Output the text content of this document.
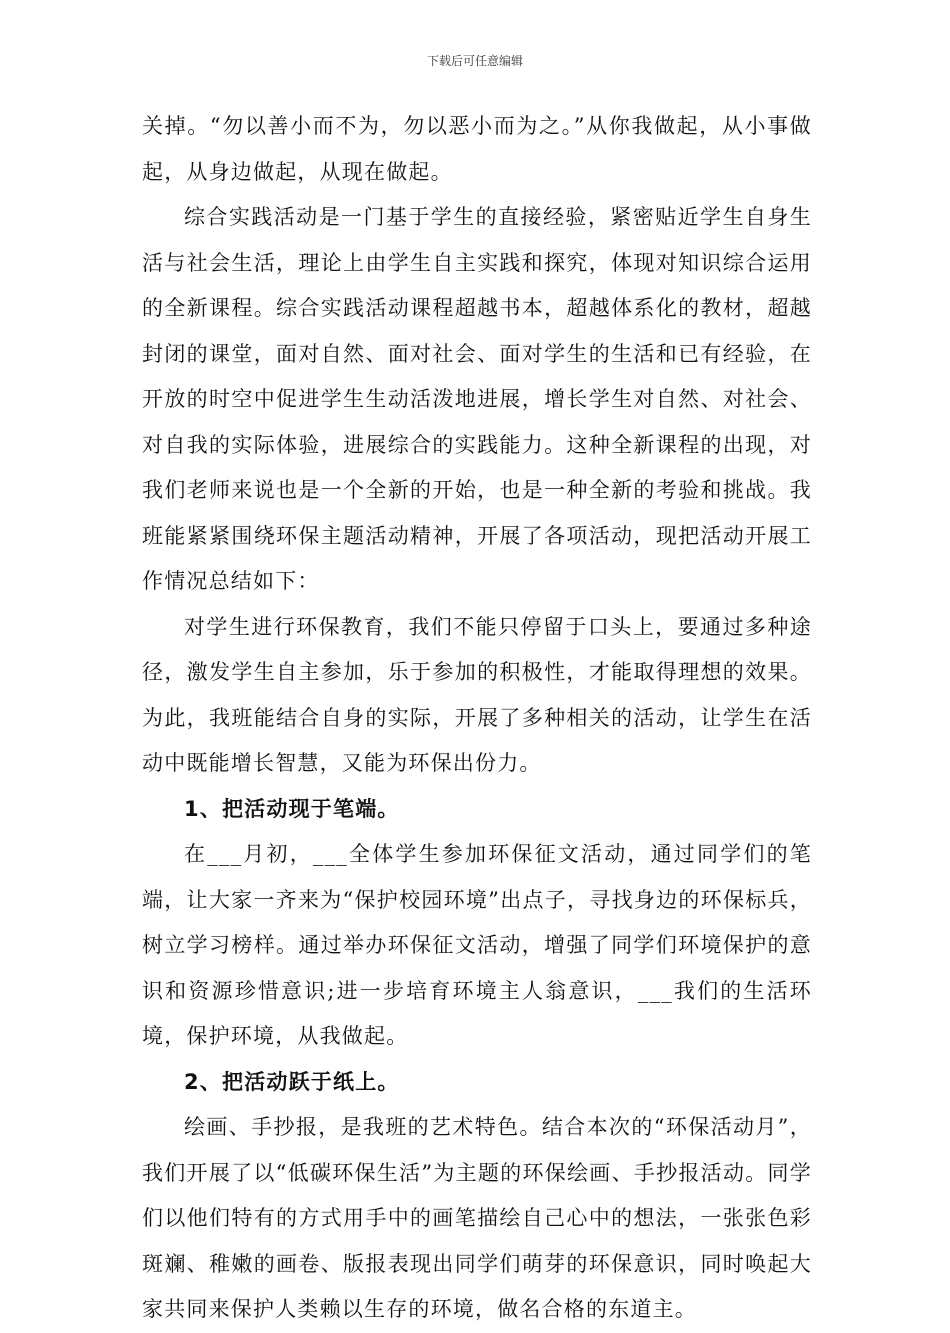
下载后可任意编辑

关掉。“勿以善小而不为，勿以恶小而为之。”从你我做起，从小事做起，从身边做起，从现在做起。

综合实践活动是一门基于学生的直接经验，紧密贴近学生自身生活与社会生活，理论上由学生自主实践和探究，体现对知识综合运用的全新课程。综合实践活动课程超越书本，超越体系化的教材，超越封闭的课堂，面对自然、面对社会、面对学生的生活和已有经验，在开放的时空中促进学生生动活泼地进展，增长学生对自然、对社会、对自我的实际体验，进展综合的实践能力。这种全新课程的出现，对我们老师来说也是一个全新的开始，也是一种全新的考验和挑战。我班能紧紧围绕环保主题活动精神，开展了各项活动，现把活动开展工作情况总结如下：

对学生进行环保教育，我们不能只停留于口头上，要通过多种途径，激发学生自主参加，乐于参加的积极性，才能取得理想的效果。为此，我班能结合自身的实际，开展了多种相关的活动，让学生在活动中既能增长智慧，又能为环保出份力。

1、把活动现于笔端。

在___月初，___全体学生参加环保征文活动，通过同学们的笔端，让大家一齐来为“保护校园环境”出点子，寻找身边的环保标兵，树立学习榜样。通过举办环保征文活动，增强了同学们环境保护的意识和资源珍惜意识;进一步培育环境主人翁意识，___我们的生活环境，保护环境，从我做起。

2、把活动跃于纸上。

绘画、手抄报，是我班的艺术特色。结合本次的“环保活动月”，我们开展了以“低碳环保生活”为主题的环保绘画、手抄报活动。同学们以他们特有的方式用手中的画笔描绘自己心中的想法，一张张色彩斑斓、稚嫩的画卷、版报表现出同学们萌芽的环保意识，同时唤起大家共同来保护人类赖以生存的环境，做名合格的东道主。
